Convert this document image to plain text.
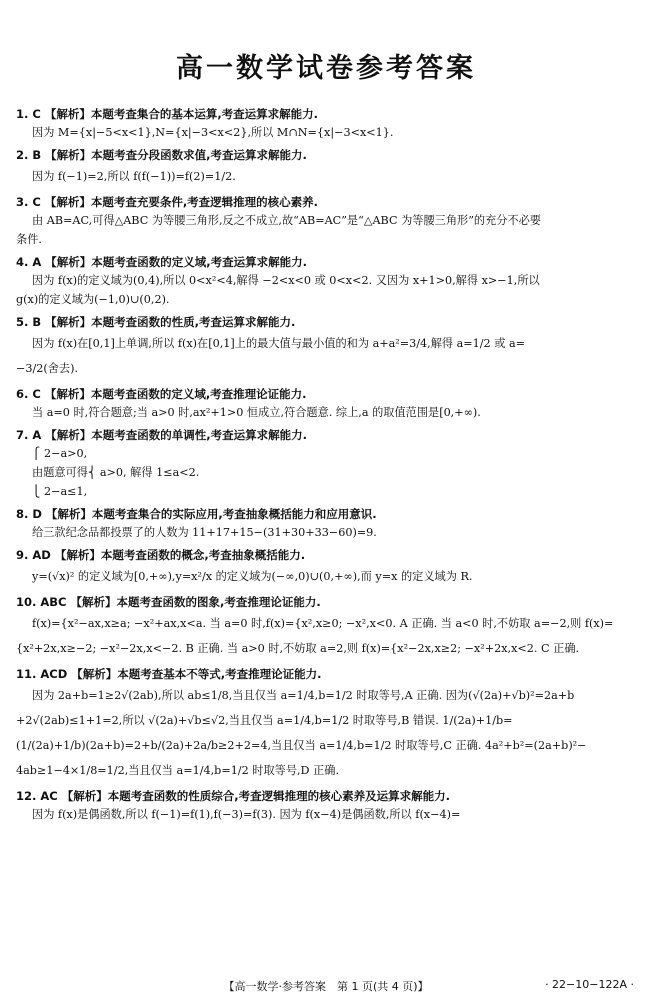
高一数学试卷参考答案
1. C 【解析】本题考查集合的基本运算,考查运算求解能力.
因为 M={x|−5<x<1},N={x|−3<x<2},所以 M∩N={x|−3<x<1}.
2. B 【解析】本题考查分段函数求值,考查运算求解能力.
因为 f(−1)=2,所以 f(f(−1))=f(2)=1/2.
3. C 【解析】本题考查充要条件,考查逻辑推理的核心素养.
由 AB=AC,可得△ABC 为等腰三角形,反之不成立,故“AB=AC”是“△ABC 为等腰三角形”的充分不必要
条件.
4. A 【解析】本题考查函数的定义域,考查运算求解能力.
因为 f(x)的定义域为(0,4),所以 0<x²<4,解得 −2<x<0 或 0<x<2. 又因为 x+1>0,解得 x>−1,所以
g(x)的定义域为(−1,0)∪(0,2).
5. B 【解析】本题考查函数的性质,考查运算求解能力.
因为 f(x)在[0,1]上单调,所以 f(x)在[0,1]上的最大值与最小值的和为 a+a²=3/4,解得 a=1/2 或 a=
−3/2(舍去).
6. C 【解析】本题考查函数的定义域,考查推理论证能力.
当 a=0 时,符合题意;当 a>0 时,ax²+1>0 恒成立,符合题意. 综上,a 的取值范围是[0,+∞).
7. A 【解析】本题考查函数的单调性,考查运算求解能力.
⎧ 2−a>0,
由题意可得⎨ a>0, 解得 1≤a<2.
⎩ 2−a≤1,
8. D 【解析】本题考查集合的实际应用,考查抽象概括能力和应用意识.
给三款纪念品都投票了的人数为 11+17+15−(31+30+33−60)=9.
9. AD 【解析】本题考查函数的概念,考查抽象概括能力.
y=(√x)² 的定义域为[0,+∞),y=x²/x 的定义域为(−∞,0)∪(0,+∞),而 y=x 的定义域为 R.
10. ABC 【解析】本题考查函数的图象,考查推理论证能力.
f(x)={x²−ax,x≥a; −x²+ax,x<a. 当 a=0 时,f(x)={x²,x≥0; −x²,x<0. A 正确. 当 a<0 时,不妨取 a=−2,则 f(x)=
{x²+2x,x≥−2; −x²−2x,x<−2. B 正确. 当 a>0 时,不妨取 a=2,则 f(x)={x²−2x,x≥2; −x²+2x,x<2. C 正确.
11. ACD 【解析】本题考查基本不等式,考查推理论证能力.
因为 2a+b=1≥2√(2ab),所以 ab≤1/8,当且仅当 a=1/4,b=1/2 时取等号,A 正确. 因为(√(2a)+√b)²=2a+b
+2√(2ab)≤1+1=2,所以 √(2a)+√b≤√2,当且仅当 a=1/4,b=1/2 时取等号,B 错误. 1/(2a)+1/b=
(1/(2a)+1/b)(2a+b)=2+b/(2a)+2a/b≥2+2=4,当且仅当 a=1/4,b=1/2 时取等号,C 正确. 4a²+b²=(2a+b)²−
4ab≥1−4×1/8=1/2,当且仅当 a=1/4,b=1/2 时取等号,D 正确.
12. AC 【解析】本题考查函数的性质综合,考查逻辑推理的核心素养及运算求解能力.
因为 f(x)是偶函数,所以 f(−1)=f(1),f(−3)=f(3). 因为 f(x−4)是偶函数,所以 f(x−4)=
【高一数学·参考答案　第 1 页(共 4 页)】	· 22−10−122A ·
